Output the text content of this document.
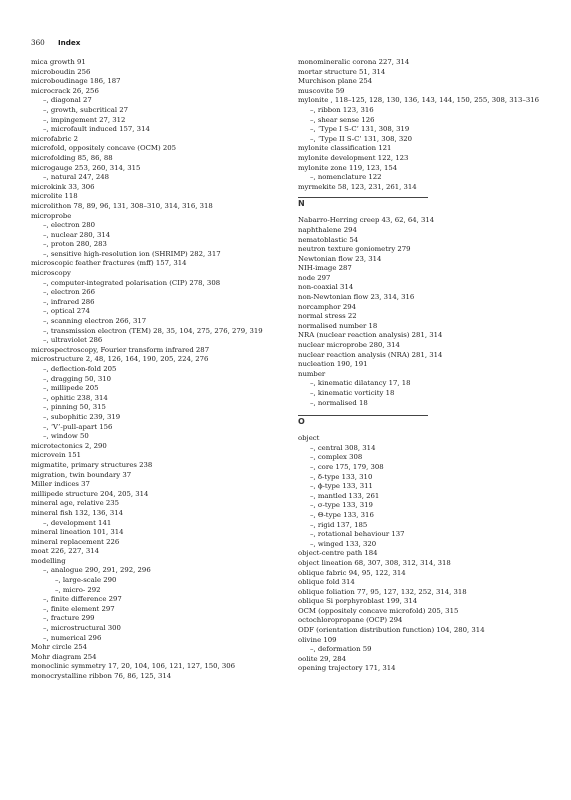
360 Index
mica growth 91
microboudin 256
microboudinage 186, 187
microcrack 26, 256
–, diagonal 27
–, growth, subcritical 27
–, impingement 27, 312
–, microfault induced 157, 314
microfabric 2
microfold, oppositely concave (OCM) 205
microfolding 85, 86, 88
microgauge 253, 260, 314, 315
–, natural 247, 248
microkink 33, 306
microlite 118
microlithon 78, 89, 96, 131, 308–310, 314, 316, 318
microprobe
–, electron 280
–, nuclear 280, 314
–, proton 280, 283
–, sensitive high-resolution ion (SHRIMP) 282, 317
microscopic feather fractures (mff) 157, 314
microscopy
–, computer-integrated polarisation (CIP) 278, 308
–, electron 266
–, infrared 286
–, optical 274
–, scanning electron 266, 317
–, transmission electron (TEM) 28, 35, 104, 275, 276, 279, 319
–, ultraviolet 286
microspectroscopy, Fourier transform infrared 287
microstructure 2, 48, 126, 164, 190, 205, 224, 276
–, deflection-fold 205
–, dragging 50, 310
–, millipede 205
–, ophitic 238, 314
–, pinning 50, 315
–, subophitic 239, 319
–, ‘V’-pull-apart 156
–, window 50
microtectonics 2, 290
microvein 151
migmatite, primary structures 238
migration, twin boundary 37
Miller indices 37
millipede structure 204, 205, 314
mineral age, relative 235
mineral fish 132, 136, 314
–, development 141
mineral lineation 101, 314
mineral replacement 226
moat 226, 227, 314
modelling
–, analogue 290, 291, 292, 296
–, large-scale 290
–, micro- 292
–, finite difference 297
–, finite element 297
–, fracture 299
–, microstructural 300
–, numerical 296
Mohr circle 254
Mohr diagram 254
monoclinic symmetry 17, 20, 104, 106, 121, 127, 150, 306
monocrystalline ribbon 76, 86, 125, 314
monomineralic corona 227, 314
mortar structure 51, 314
Murchison plane 254
muscovite 59
mylonite , 118–125, 128, 130, 136, 143, 144, 150, 255, 308, 313–316
–, ribbon 123, 316
–, shear sense 126
–, ‘Type I S-C’ 131, 308, 319
–, ‘Type II S-C’ 131, 308, 320
mylonite classification 121
mylonite development 122, 123
mylonite zone 119, 123, 154
–, nomenclature 122
myrmekite 58, 123, 231, 261, 314
N
Nabarro-Herring creep 43, 62, 64, 314
naphthalene 294
nematoblastic 54
neutron texture goniometry 279
Newtonian flow 23, 314
NIH-image 287
node 297
non-coaxial 314
non-Newtonian flow 23, 314, 316
norcamphor 294
normal stress 22
normalised number 18
NRA (nuclear reaction analysis) 281, 314
nuclear microprobe 280, 314
nuclear reaction analysis (NRA) 281, 314
nucleation 190, 191
number
–, kinematic dilatancy 17, 18
–, kinematic vorticity 18
–, normalised 18
O
object
–, central 308, 314
–, complex 308
–, core 175, 179, 308
–, δ-type 133, 310
–, ϕ-type 133, 311
–, mantled 133, 261
–, σ-type 133, 319
–, Θ-type 133, 316
–, rigid 137, 185
–, rotational behaviour 137
–, winged 133, 320
object-centre path 184
object lineation 68, 307, 308, 312, 314, 318
oblique fabric 94, 95, 122, 314
oblique fold 314
oblique foliation 77, 95, 127, 132, 252, 314, 318
oblique Si porphyroblast 199, 314
OCM (oppositely concave microfold) 205, 315
octochloropropane (OCP) 294
ODF (orientation distribution function) 104, 280, 314
olivine 109
–, deformation 59
oolite 29, 284
opening trajectory 171, 314
